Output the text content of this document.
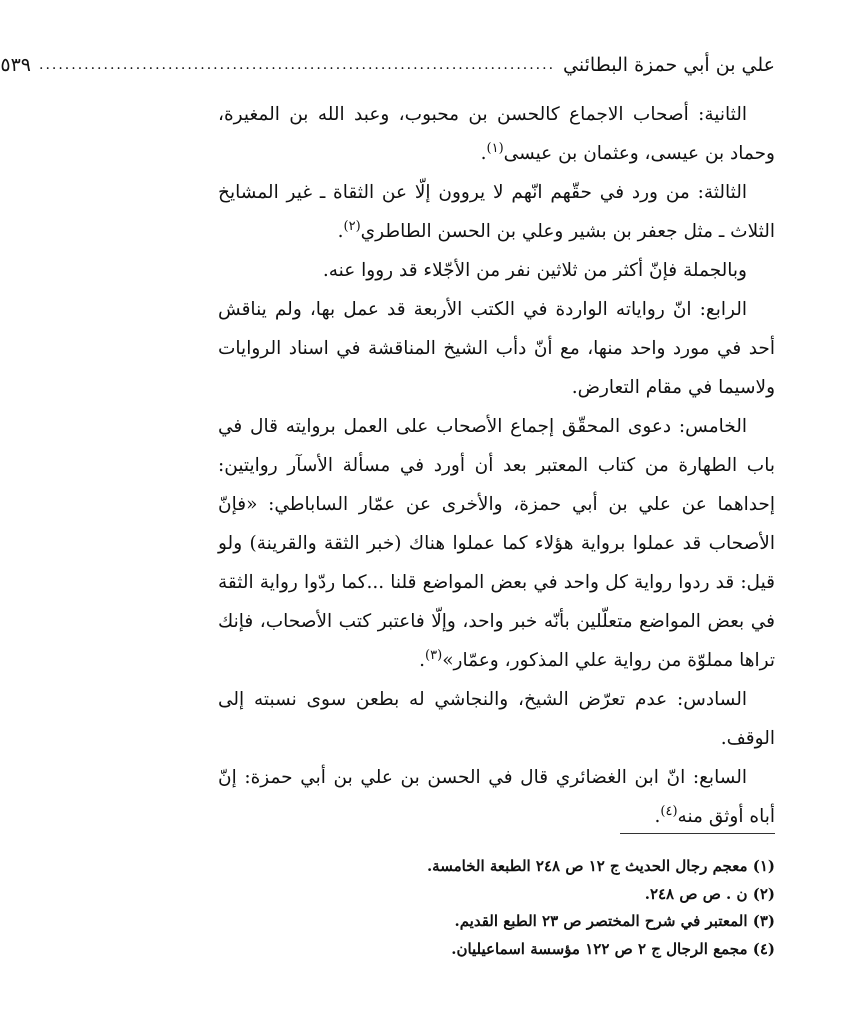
علي بن أبي حمزة البطائني
................................................................................
٥٣٩

الثانية: أصحاب الاجماع كالحسن بن محبوب، وعبد الله بن المغيرة، وحماد بن عيسى، وعثمان بن عيسى$^{(١)}$.

الثالثة: من ورد في حقّهم انّهم لا يروون إلّا عن الثقاة ـ غير المشايخ الثلاث ـ مثل جعفر بن بشير وعلي بن الحسن الطاطري$^{(٢)}$.

وبالجملة فإنّ أكثر من ثلاثين نفر من الأجّلاء قد رووا عنه.

الرابع: انّ رواياته الواردة في الكتب الأربعة قد عمل بها، ولم يناقش أحد في مورد واحد منها، مع أنّ دأب الشيخ المناقشة في اسناد الروايات ولاسيما في مقام التعارض.

الخامس: دعوى المحقّق إجماع الأصحاب على العمل بروايته قال في باب الطهارة من كتاب المعتبر بعد أن أورد في مسألة الأسآر روايتين: إحداهما عن علي بن أبي حمزة، والأخرى عن عمّار الساباطي: «فإنّ الأصحاب قد عملوا برواية هؤلاء كما عملوا هناك (خبر الثقة والقرينة) ولو قيل: قد ردوا رواية كل واحد في بعض المواضع قلنا ...كما ردّوا رواية الثقة في بعض المواضع متعلّلين بأنّه خبر واحد، وإلّا فاعتبر كتب الأصحاب، فإنك تراها مملوّة من رواية علي المذكور، وعمّار»$^{(٣)}$.

السادس: عدم تعرّض الشيخ، والنجاشي له بطعن سوى نسبته إلى الوقف.

السابع: انّ ابن الغضائري قال في الحسن بن علي بن أبي حمزة: إنّ أباه أوثق منه$^{(٤)}$.

(١) معجم رجال الحديث ج ١٢ ص ٢٤٨ الطبعة الخامسة.
(٢) ن . ص ص ٢٤٨.
(٣) المعتبر في شرح المختصر ص ٢٣ الطبع القديم.
(٤) مجمع الرجال ج ٢ ص ١٢٢ مؤسسة اسماعيليان.
